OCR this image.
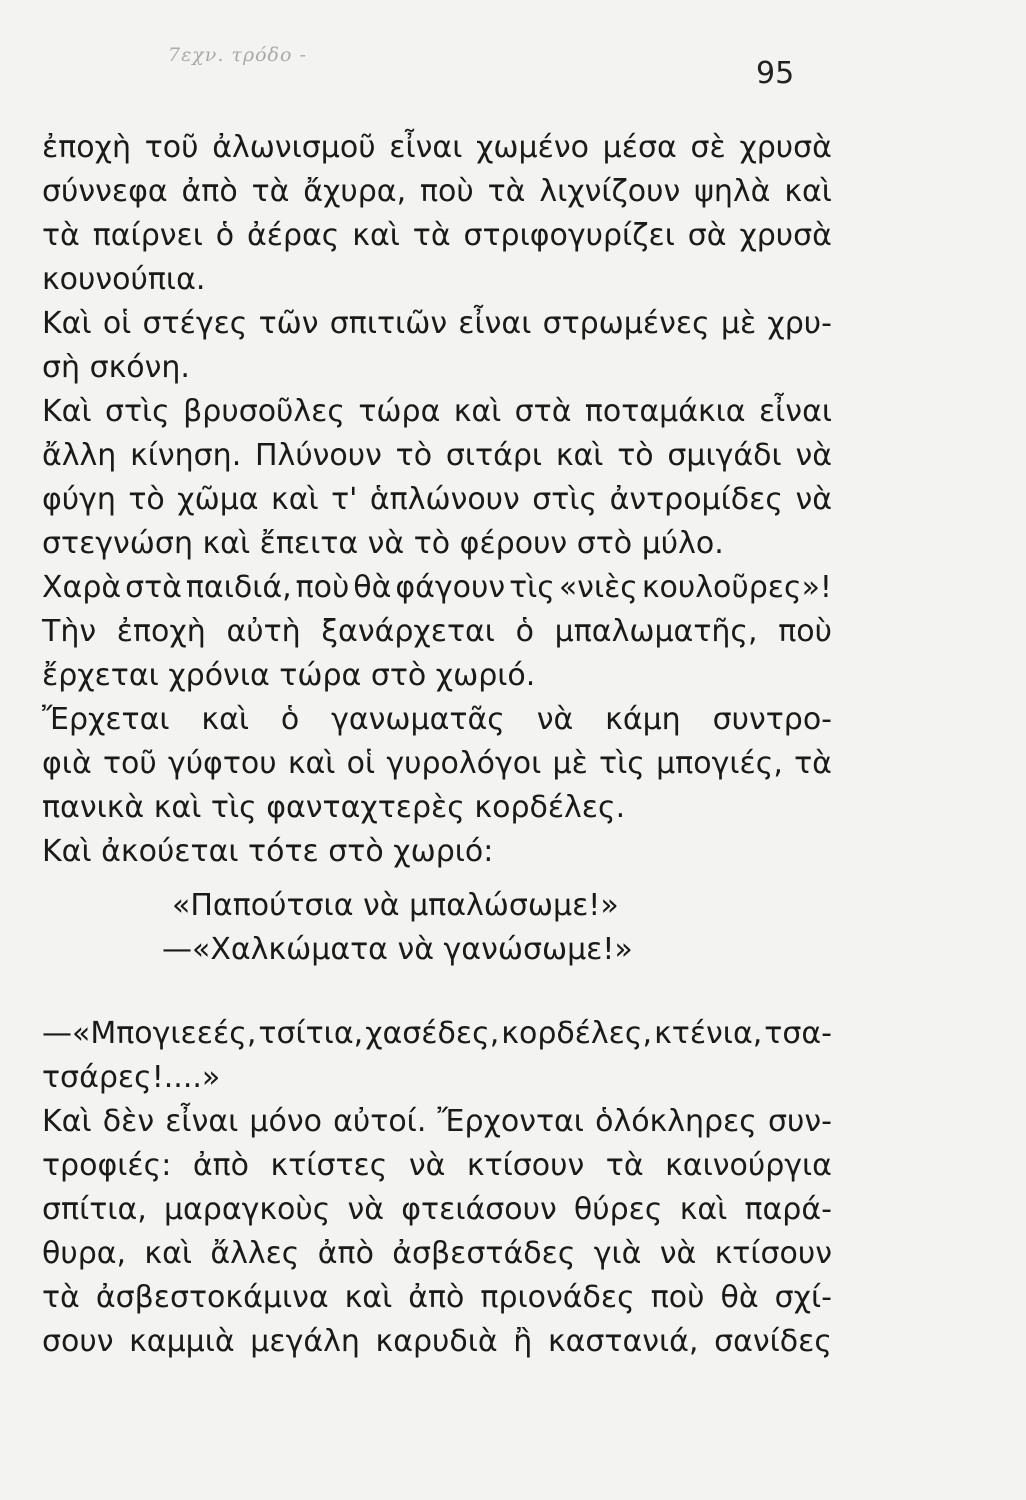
7εχν. τρόδο -
95
ἐποχὴ τοῦ ἀλωνισμοῦ εἶναι χωμένο μέσα σὲ χρυσὰ
σύννεφα ἀπὸ τὰ ἄχυρα, ποὺ τὰ λιχνίζουν ψηλὰ καὶ
τὰ παίρνει ὁ ἀέρας καὶ τὰ στριφογυρίζει σὰ χρυσὰ
κουνούπια.
Καὶ οἱ στέγες τῶν σπιτιῶν εἶναι στρωμένες μὲ χρυ-
σὴ σκόνη.
Καὶ στὶς βρυσοῦλες τώρα καὶ στὰ ποταμάκια εἶναι
ἄλλη κίνηση. Πλύνουν τὸ σιτάρι καὶ τὸ σμιγάδι νὰ
φύγη τὸ χῶμα καὶ τ' ἁπλώνουν στὶς ἀντρομίδες νὰ
στεγνώση καὶ ἔπειτα νὰ τὸ φέρουν στὸ μύλο.
Χαρὰ στὰ παιδιά, ποὺ θὰ φάγουν τὶς «νιὲς κουλοῦρες»!
Τὴν ἐποχὴ αὐτὴ ξανάρχεται ὁ μπαλωματῆς, ποὺ
ἔρχεται χρόνια τώρα στὸ χωριό.
Ἔρχεται καὶ ὁ γανωματᾶς νὰ κάμη συντρο-
φιὰ τοῦ γύφτου καὶ οἱ γυρολόγοι μὲ τὶς μπογιές, τὰ
πανικὰ καὶ τὶς φανταχτερὲς κορδέλες.
Καὶ ἀκούεται τότε στὸ χωριό:
«Παπούτσια νὰ μπαλώσωμε!»
—«Χαλκώματα νὰ γανώσωμε!»
—«Μπογιεεές, τσίτια, χασέδες, κορδέλες, κτένια, τσα-
τσάρες!....»
Καὶ δὲν εἶναι μόνο αὐτοί. Ἔρχονται ὁλόκληρες συν-
τροφιές: ἀπὸ κτίστες νὰ κτίσουν τὰ καινούργια
σπίτια, μαραγκοὺς νὰ φτειάσουν θύρες καὶ παρά-
θυρα, καὶ ἄλλες ἀπὸ ἀσβεστάδες γιὰ νὰ κτίσουν
τὰ ἀσβεστοκάμινα καὶ ἀπὸ πριονάδες ποὺ θὰ σχί-
σουν καμμιὰ μεγάλη καρυδιὰ ἢ καστανιά, σανίδες
